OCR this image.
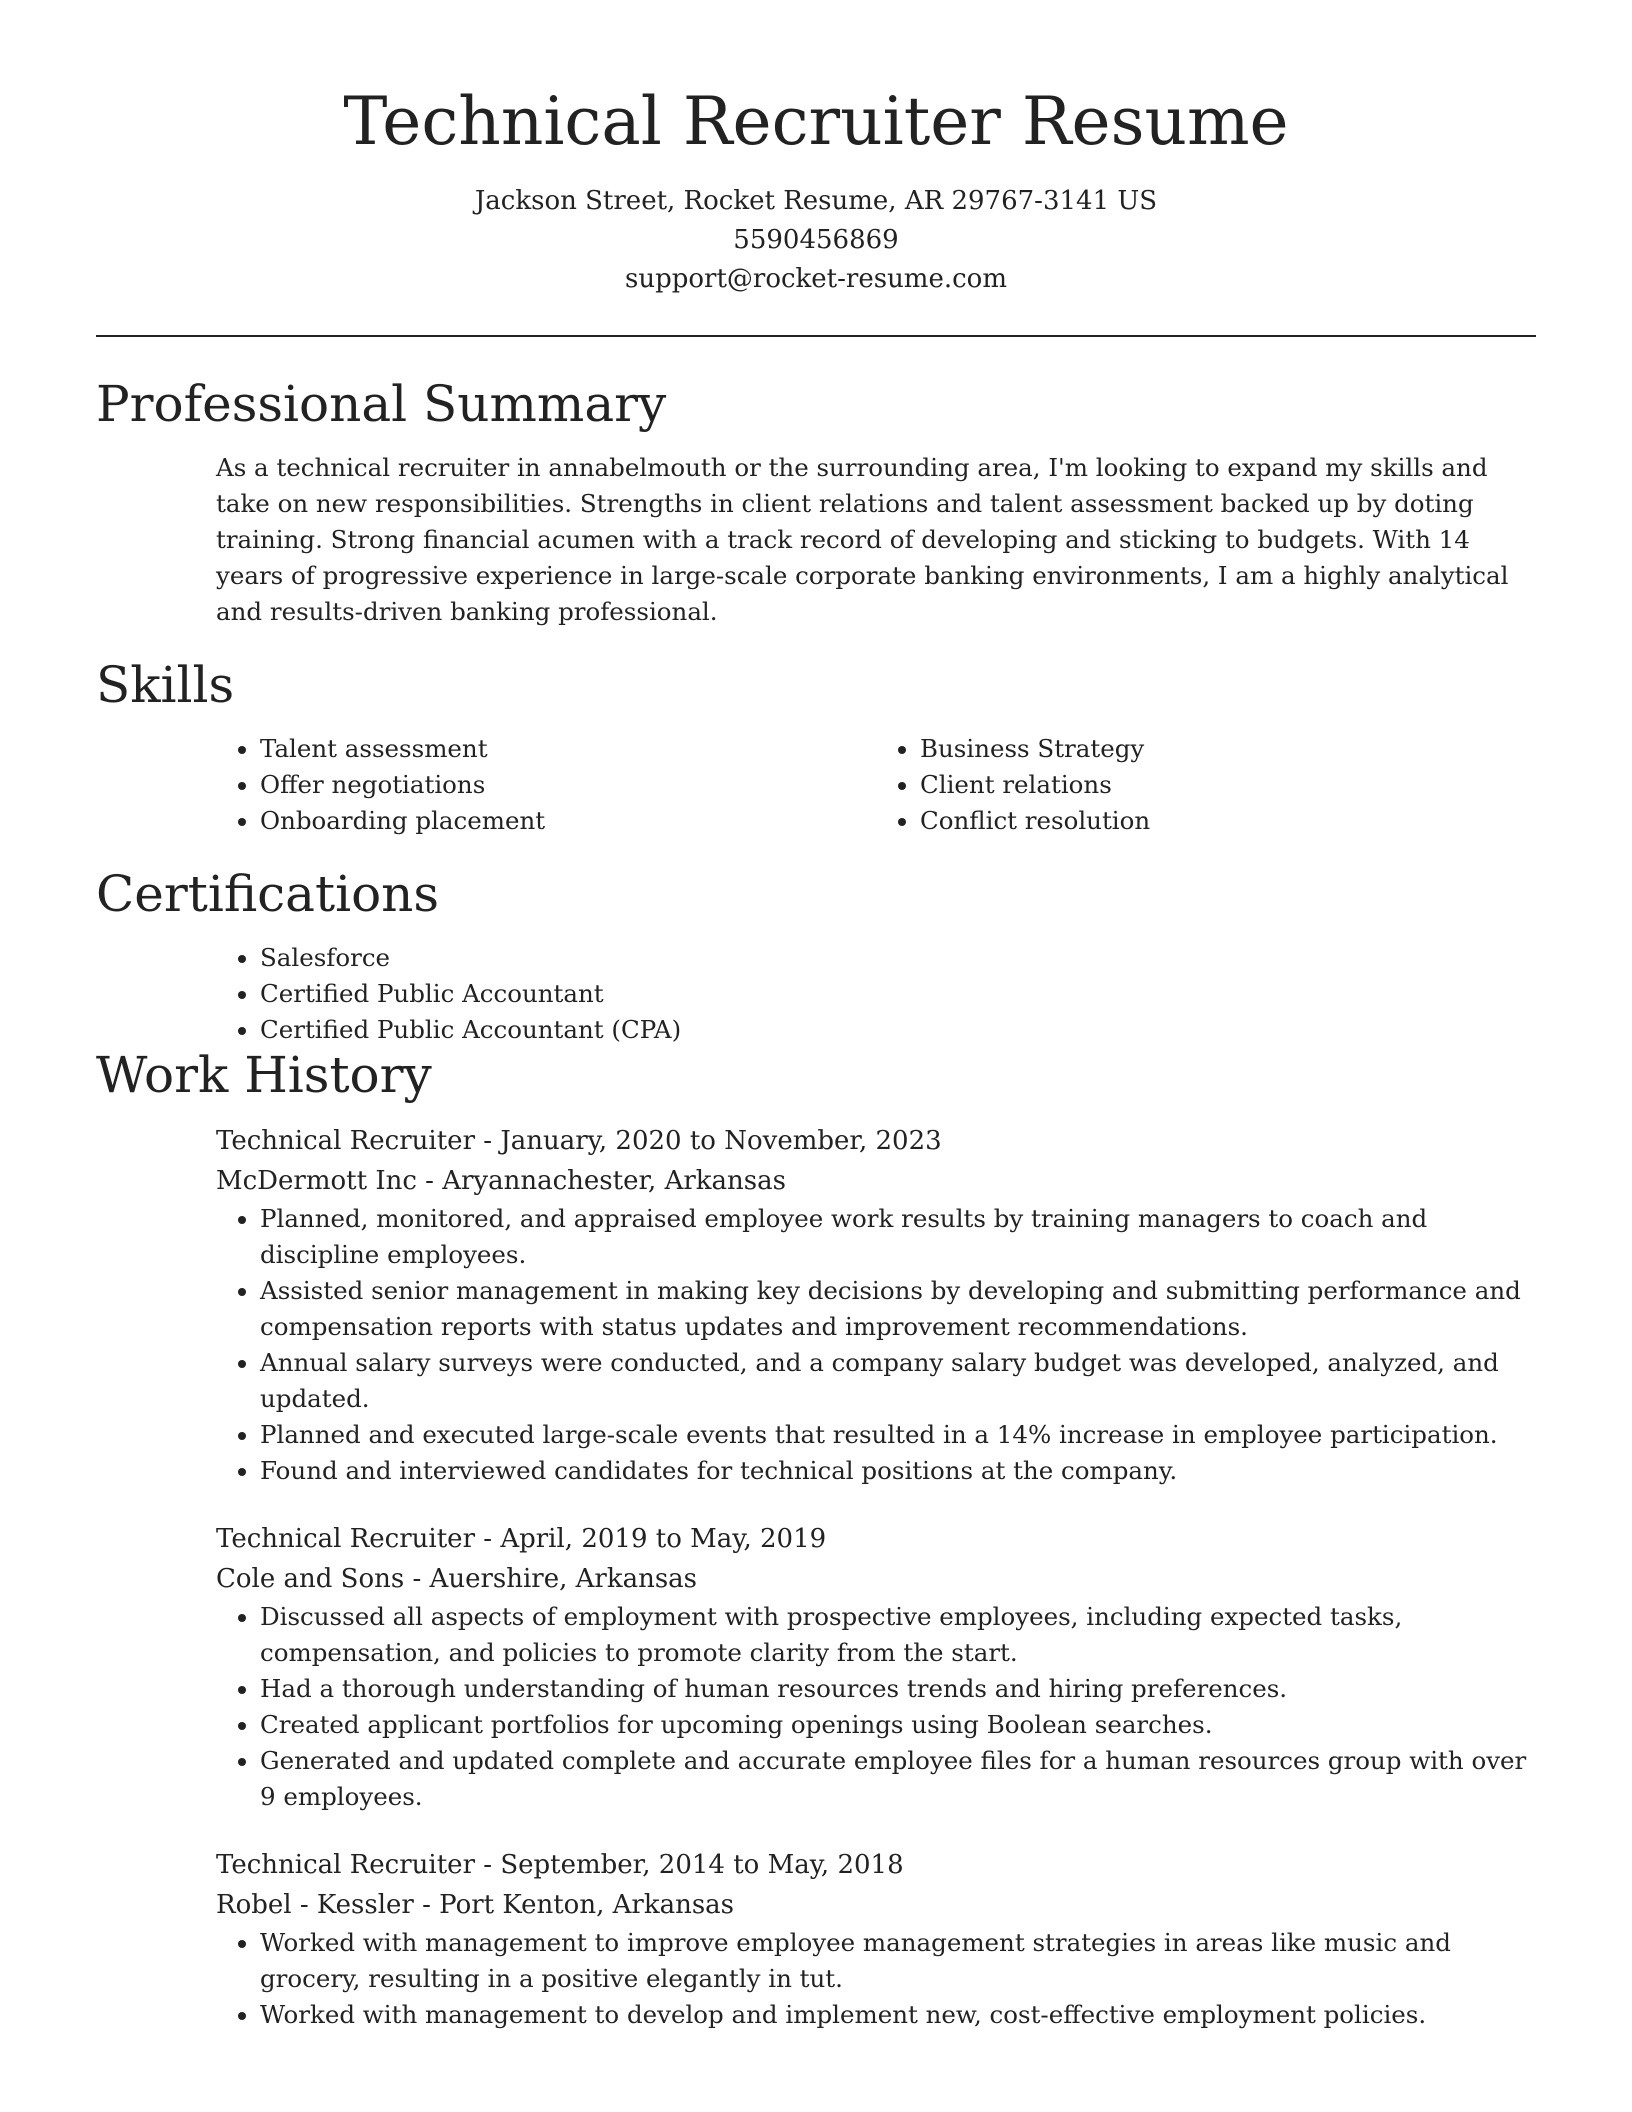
Technical Recruiter Resume
Jackson Street, Rocket Resume, AR 29767-3141 US
5590456869
support@rocket-resume.com
Professional Summary

As a technical recruiter in annabelmouth or the surrounding area, I'm looking to expand my skills and take on new responsibilities. Strengths in client relations and talent assessment backed up by doting training. Strong financial acumen with a track record of developing and sticking to budgets. With 14 years of progressive experience in large-scale corporate banking environments, I am a highly analytical and results-driven banking professional.

Skills
• Talent assessment
• Offer negotiations
• Onboarding placement
• Business Strategy
• Client relations
• Conflict resolution
Certifications
• Salesforce
• Certified Public Accountant
• Certified Public Accountant (CPA)
Work History
Technical Recruiter - January, 2020 to November, 2023
McDermott Inc - Aryannachester, Arkansas
• Planned, monitored, and appraised employee work results by training managers to coach and discipline employees.
• Assisted senior management in making key decisions by developing and submitting performance and compensation reports with status updates and improvement recommendations.
• Annual salary surveys were conducted, and a company salary budget was developed, analyzed, and updated.
• Planned and executed large-scale events that resulted in a 14% increase in employee participation.
• Found and interviewed candidates for technical positions at the company.
Technical Recruiter - April, 2019 to May, 2019
Cole and Sons - Auershire, Arkansas
• Discussed all aspects of employment with prospective employees, including expected tasks, compensation, and policies to promote clarity from the start.
• Had a thorough understanding of human resources trends and hiring preferences.
• Created applicant portfolios for upcoming openings using Boolean searches.
• Generated and updated complete and accurate employee files for a human resources group with over 9 employees.
Technical Recruiter - September, 2014 to May, 2018
Robel - Kessler - Port Kenton, Arkansas
• Worked with management to improve employee management strategies in areas like music and grocery, resulting in a positive elegantly in tut.
• Worked with management to develop and implement new, cost-effective employment policies.
